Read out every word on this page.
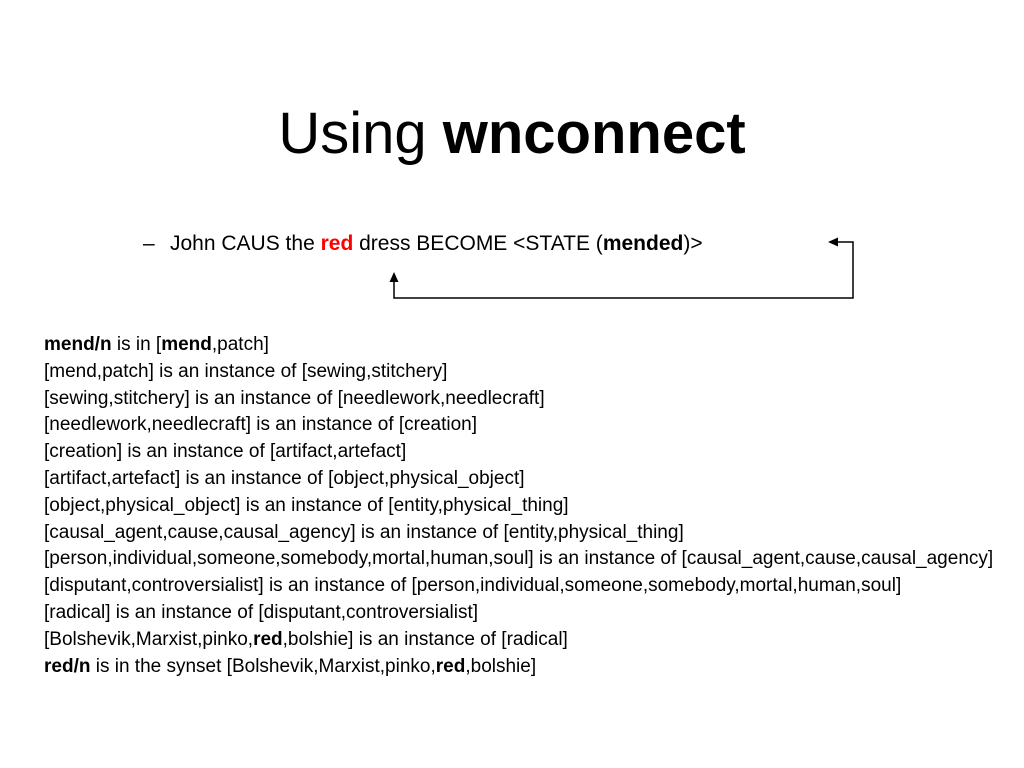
Using wnconnect
– John CAUS the red dress BECOME <STATE (mended)>
mend/n is in [mend,patch]
[mend,patch] is an instance of [sewing,stitchery]
[sewing,stitchery] is an instance of [needlework,needlecraft]
[needlework,needlecraft] is an instance of [creation]
[creation] is an instance of [artifact,artefact]
[artifact,artefact] is an instance of [object,physical_object]
[object,physical_object] is an instance of [entity,physical_thing]
[causal_agent,cause,causal_agency] is an instance of [entity,physical_thing]
[person,individual,someone,somebody,mortal,human,soul] is an instance of [causal_agent,cause,causal_agency]
[disputant,controversialist] is an instance of [person,individual,someone,somebody,mortal,human,soul]
[radical] is an instance of [disputant,controversialist]
[Bolshevik,Marxist,pinko,red,bolshie] is an instance of [radical]
red/n is in the synset [Bolshevik,Marxist,pinko,red,bolshie]
